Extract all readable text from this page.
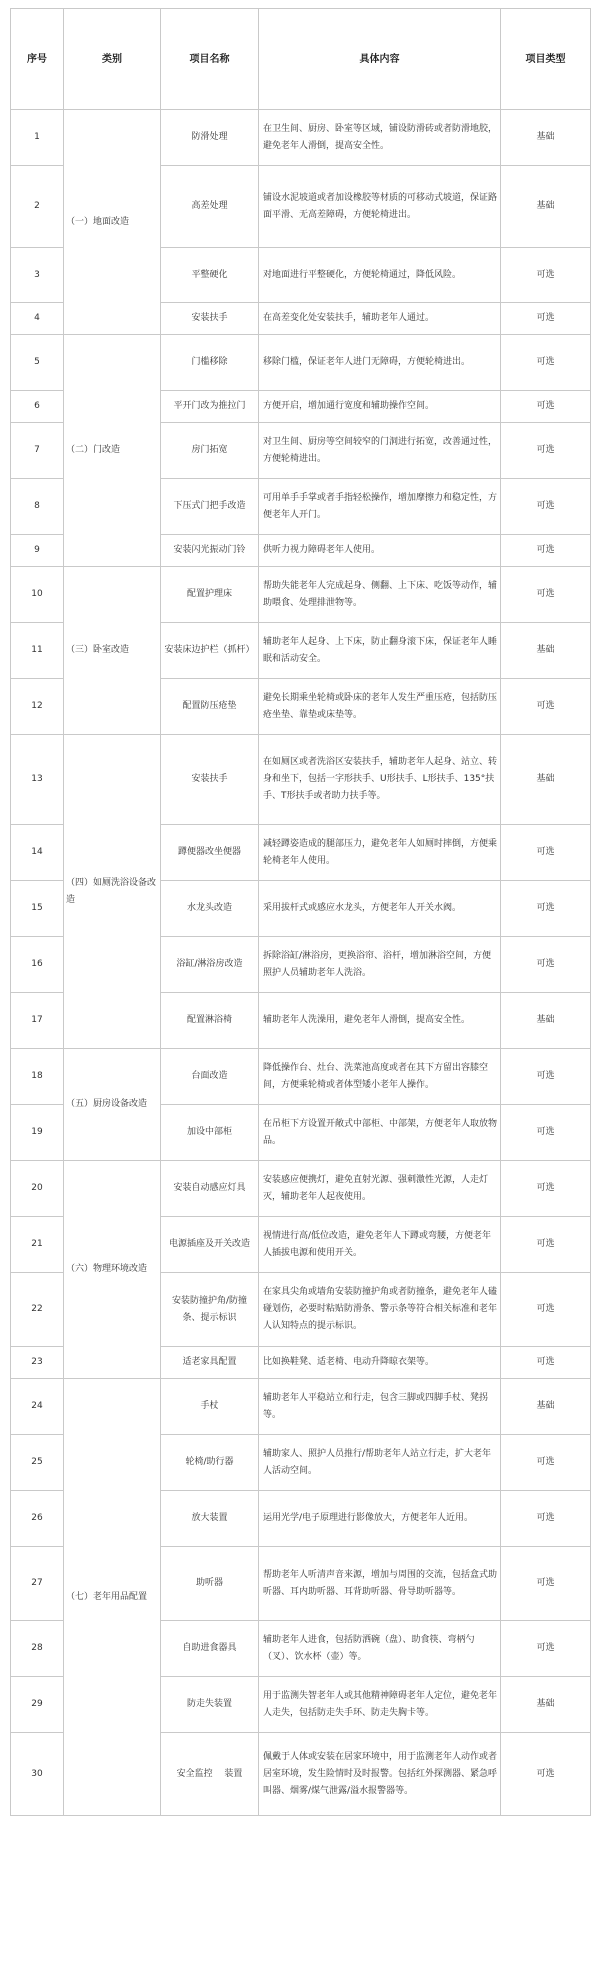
序号	类别	项目名称	具体内容	项目类型
1	（一）地面改造	防滑处理	在卫生间、厨房、卧室等区域，铺设防滑砖或者防滑地胶，避免老年人滑倒，提高安全性。	基础
2		高差处理	铺设水泥坡道或者加设橡胶等材质的可移动式坡道，保证路面平滑、无高差障碍，方便轮椅进出。	基础
3		平整硬化	对地面进行平整硬化，方便轮椅通过，降低风险。	可选
4		安装扶手	在高差变化处安装扶手，辅助老年人通过。	可选
5	（二）门改造	门槛移除	移除门槛，保证老年人进门无障碍，方便轮椅进出。	可选
6		平开门改为推拉门	方便开启，增加通行宽度和辅助操作空间。	可选
7		房门拓宽	对卫生间、厨房等空间较窄的门洞进行拓宽，改善通过性，方便轮椅进出。	可选
8		下压式门把手改造	可用单手手掌或者手指轻松操作，增加摩擦力和稳定性，方便老年人开门。	可选
9		安装闪光振动门铃	供听力视力障碍老年人使用。	可选
10	（三）卧室改造	配置护理床	帮助失能老年人完成起身、侧翻、上下床、吃饭等动作，辅助喂食、处理排泄物等。	可选
11		安装床边护栏（抓杆）	辅助老年人起身、上下床，防止翻身滚下床，保证老年人睡眠和活动安全。	基础
12		配置防压疮垫	避免长期乘坐轮椅或卧床的老年人发生严重压疮，包括防压疮坐垫、靠垫或床垫等。	可选
13	（四）如厕洗浴设备改造	安装扶手	在如厕区或者洗浴区安装扶手，辅助老年人起身、站立、转身和坐下，包括一字形扶手、U形扶手、L形扶手、135°扶手、T形扶手或者助力扶手等。	基础
14		蹲便器改坐便器	减轻蹲姿造成的腿部压力，避免老年人如厕时摔倒，方便乘轮椅老年人使用。	可选
15		水龙头改造	采用拔杆式或感应水龙头，方便老年人开关水阀。	可选
16		浴缸/淋浴房改造	拆除浴缸/淋浴房，更换浴帘、浴杆，增加淋浴空间，方便照护人员辅助老年人洗浴。	可选
17		配置淋浴椅	辅助老年人洗澡用，避免老年人滑倒，提高安全性。	基础
18	（五）厨房设备改造	台面改造	降低操作台、灶台、洗菜池高度或者在其下方留出容膝空间，方便乘轮椅或者体型矮小老年人操作。	可选
19		加设中部柜	在吊柜下方设置开敞式中部柜、中部架，方便老年人取放物品。	可选
20	（六）物理环境改造	安装自动感应灯具	安装感应便携灯，避免直射光源、强刺激性光源，人走灯灭，辅助老年人起夜使用。	可选
21		电源插座及开关改造	视情进行高/低位改造，避免老年人下蹲或弯腰，方便老年人插拔电源和使用开关。	可选
22		安装防撞护角/防撞条、提示标识	在家具尖角或墙角安装防撞护角或者防撞条，避免老年人磕碰划伤，必要时粘贴防滑条、警示条等符合相关标准和老年人认知特点的提示标识。	可选
23		适老家具配置	比如换鞋凳、适老椅、电动升降晾衣架等。	可选
24	（七）老年用品配置	手杖	辅助老年人平稳站立和行走，包含三脚或四脚手杖、凳拐等。	基础
25		轮椅/助行器	辅助家人、照护人员推行/帮助老年人站立行走，扩大老年人活动空间。	可选
26		放大装置	运用光学/电子原理进行影像放大，方便老年人近用。	可选
27		助听器	帮助老年人听清声音来源，增加与周围的交流，包括盒式助听器、耳内助听器、耳背助听器、骨导助听器等。	可选
28		自助进食器具	辅助老年人进食，包括防洒碗（盘）、助食筷、弯柄勺（叉）、饮水杯（壶）等。	可选
29		防走失装置	用于监测失智老年人或其他精神障碍老年人定位，避免老年人走失，包括防走失手环、防走失胸卡等。	基础
30		安全监控　 装置	佩戴于人体或安装在居家环境中，用于监测老年人动作或者居室环境，发生险情时及时报警。包括红外探测器、紧急呼叫器、烟雾/煤气泄露/溢水报警器等。	可选
